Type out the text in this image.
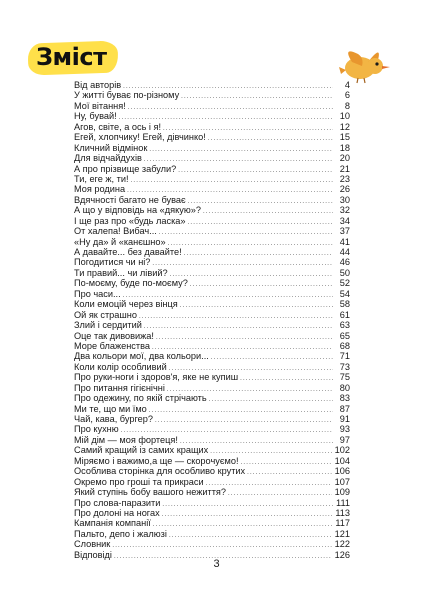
Зміст
Від авторів .....	4
У житті буває по-різному .....	6
Мої вітання! .....	8
Ну, бувай! .....	10
Агов, світе, а ось і я! .....	12
Егей, хлопчику! Егей, дівчинко! .....	15
Кличний відмінок .....	18
Для відчайдухів .....	20
А про прізвище забули? .....	21
Ти, еге ж, ти! .....	23
Моя родина .....	26
Вдячності багато не буває .....	30
А що у відповідь на «дякую»? .....	32
І ще раз про «будь ласка» .....	34
От халепа! Вибач... .....	37
«Ну да» й «канєшно» .....	41
А давайте... без давайте! .....	44
Погодитися чи ні? .....	46
Ти правий... чи лівий? .....	50
По-моєму, буде по-моєму? .....	52
Про часи... .....	54
Коли емоцій через вінця .....	58
Ой як страшно .....	61
Злий і сердитий .....	63
Оце так дивовижа! .....	65
Море блаженства .....	68
Два кольори мої, два кольори... .....	71
Коли колір особливий .....	73
Про руки-ноги і здоров'я, яке не купиш .....	75
Про питання гігієнічні .....	80
Про одежину, по якій стрічають .....	83
Ми те, що ми їмо .....	87
Чай, кава, бургер? .....	91
Про кухню .....	93
Мій дім — моя фортеця! .....	97
Самий кращий із самих кращих .....	102
Міряємо і важимо,а ще — скорочуємо! .....	104
Особлива сторінка для особливо крутих .....	106
Окремо про гроші та прикраси .....	107
Який ступінь бобу вашого нежиття? .....	109
Про слова-паразити .....	111
Про долоні на ногах .....	113
Кампанія компанії .....	117
Пальто, депо і жалюзі .....	121
Словник .....	122
Відповіді .....	126
3
